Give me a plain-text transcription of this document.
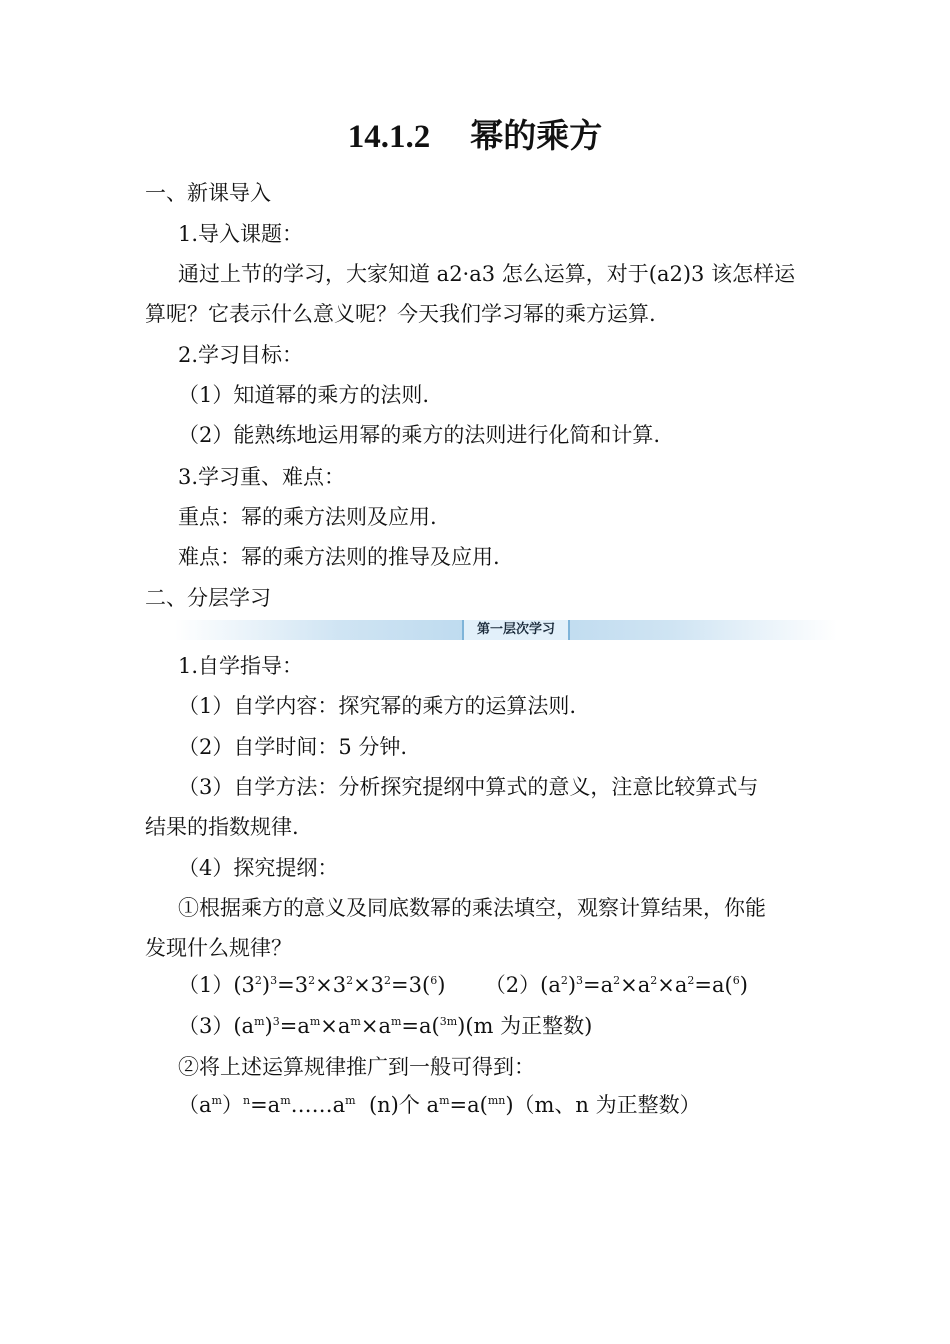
14.1.2 幂的乘方
一、新课导入
1.导入课题：
通过上节的学习，大家知道 a2·a3 怎么运算，对于(a2)3 该怎样运
算呢？它表示什么意义呢？今天我们学习幂的乘方运算.
2.学习目标：
（1）知道幂的乘方的法则.
（2）能熟练地运用幂的乘方的法则进行化简和计算.
3.学习重、难点：
重点：幂的乘方法则及应用.
难点：幂的乘方法则的推导及应用.
二、分层学习
第一层次学习
1.自学指导：
（1）自学内容：探究幂的乘方的运算法则.
（2）自学时间：5 分钟.
（3）自学方法：分析探究提纲中算式的意义，注意比较算式与
结果的指数规律.
（4）探究提纲：
①根据乘方的意义及同底数幂的乘法填空，观察计算结果，你能
发现什么规律？
$(1)(3^2)^3=3^2\times 3^2\times 3^2=3(^6)$ $(2)(a^2)^3=a^2\times a^2\times a^2=a(^6)$
$(3)(a^m)^3=a^m\times a^m\times a^m=a(^{3m})(m$ 为正整数)
②将上述运算规律推广到一般可得到：
$(a^m)^n=a^m\dots\dots a^m$  (n)个 $a^m=a(^{mn})(m$、n 为正整数）
